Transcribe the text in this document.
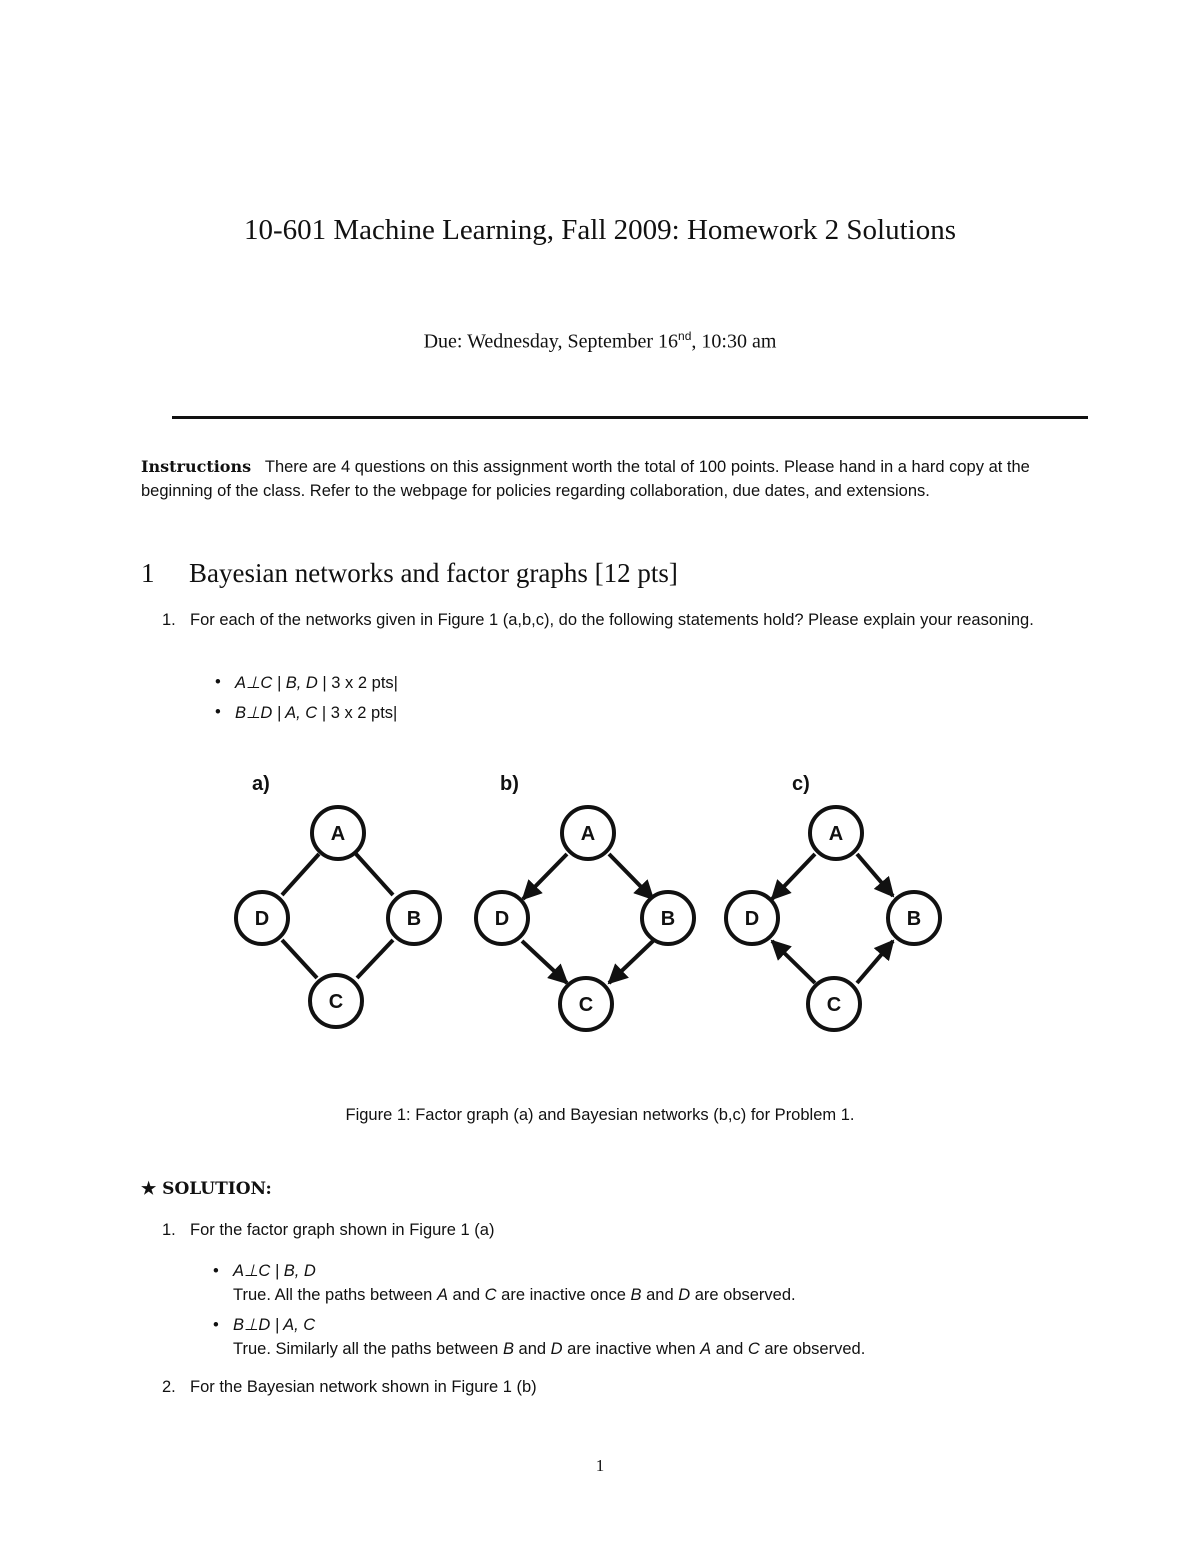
10-601 Machine Learning, Fall 2009: Homework 2 Solutions
Due: Wednesday, September 16nd, 10:30 am
Instructions There are 4 questions on this assignment worth the total of 100 points. Please hand in a hard copy at the beginning of the class. Refer to the webpage for policies regarding collaboration, due dates, and extensions.
1 Bayesian networks and factor graphs [12 pts]
1. For each of the networks given in Figure 1 (a,b,c), do the following statements hold? Please explain your reasoning.
• A⊥C | B, D | 3 x 2 pts|
• B⊥D | A, C | 3 x 2 pts|
a)	b)	c)
A
D	B
C
A
D	B
C
A
D	B
C
Figure 1: Factor graph (a) and Bayesian networks (b,c) for Problem 1.
★ SOLUTION:
1. For the factor graph shown in Figure 1 (a)
• A⊥C | B, D
True. All the paths between A and C are inactive once B and D are observed.
• B⊥D | A, C
True. Similarly all the paths between B and D are inactive when A and C are observed.
2. For the Bayesian network shown in Figure 1 (b)
1
